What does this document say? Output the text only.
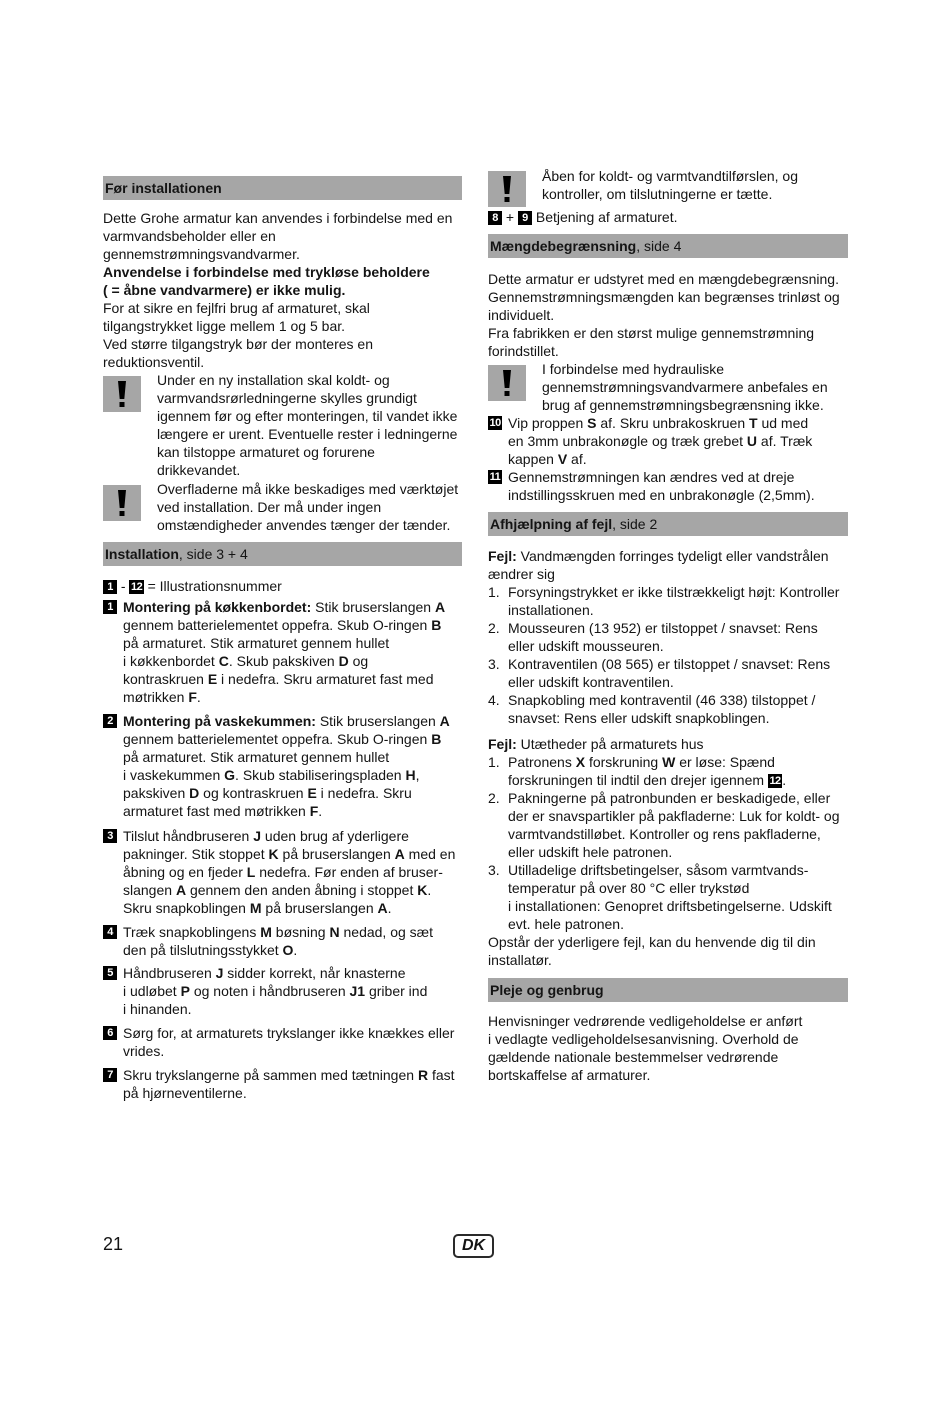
Før installationen
Dette Grohe armatur kan anvendes i forbindelse med en
varmvandsbeholder eller en
gennemstrømningsvandvarmer.
Anvendelse i forbindelse med trykløse beholdere
( = åbne vandvarmere) er ikke mulig.
For at sikre en fejlfri brug af armaturet, skal
tilgangstrykket ligge mellem 1 og 5 bar.
Ved større tilgangstryk bør der monteres en
reduktionsventil.
Under en ny installation skal koldt- og
varmvandsrørledningerne skylles grundigt
igennem før og efter monteringen, til vandet ikke
længere er urent. Eventuelle rester i ledningerne
kan tilstoppe armaturet og forurene
drikkevandet.
Overfladerne må ikke beskadiges med værktøjet
ved installation. Der må under ingen
omstændigheder anvendes tænger der tænder.
Installation, side 3 + 4
1 - 12 = Illustrationsnummer
1 Montering på køkkenbordet: Stik bruserslangen A
gennem batterielementet oppefra. Skub O-ringen B
på armaturet. Stik armaturet gennem hullet
i køkkenbordet C. Skub pakskiven D og
kontraskruen E i nedefra. Skru armaturet fast med
møtrikken F.
2 Montering på vaskekummen: Stik bruserslangen A
gennem batterielementet oppefra. Skub O-ringen B
på armaturet. Stik armaturet gennem hullet
i vaskekummen G. Skub stabiliseringspladen H,
pakskiven D og kontraskruen E i nedefra. Skru
armaturet fast med møtrikken F.
3 Tilslut håndbruseren J uden brug af yderligere
pakninger. Stik stoppet K på bruserslangen A med en
åbning og en fjeder L nedefra. Før enden af bruser-
slangen A gennem den anden åbning i stoppet K.
Skru snapkoblingen M på bruserslangen A.
4 Træk snapkoblingens M bøsning N nedad, og sæt
den på tilslutningsstykket O.
5 Håndbruseren J sidder korrekt, når knasterne
i udløbet P og noten i håndbruseren J1 griber ind
i hinanden.
6 Sørg for, at armaturets trykslanger ikke knækkes eller
vrides.
7 Skru trykslangerne på sammen med tætningen R fast
på hjørneventilerne.
Åben for koldt- og varmtvandtilførslen, og
kontroller, om tilslutningerne er tætte.
8 + 9 Betjening af armaturet.
Mængdebegrænsning, side 4
Dette armatur er udstyret med en mængdebegrænsning.
Gennemstrømningsmængden kan begrænses trinløst og
individuelt.
Fra fabrikken er den størst mulige gennemstrømning
forindstillet.
I forbindelse med hydrauliske
gennemstrømningsvandvarmere anbefales en
brug af gennemstrømningsbegrænsning ikke.
10 Vip proppen S af. Skru unbrakoskruen T ud med
en 3mm unbrakonøgle og træk grebet U af. Træk
kappen V af.
11 Gennemstrømningen kan ændres ved at dreje
indstillingsskruen med en unbrakonøgle (2,5mm).
Afhjælpning af fejl, side 2
Fejl: Vandmængden forringes tydeligt eller vandstrålen
ændrer sig
1. Forsyningstrykket er ikke tilstrækkeligt højt: Kontroller
installationen.
2. Mousseuren (13 952) er tilstoppet / snavset: Rens
eller udskift mousseuren.
3. Kontraventilen (08 565) er tilstoppet / snavset: Rens
eller udskift kontraventilen.
4. Snapkobling med kontraventil (46 338) tilstoppet /
snavset: Rens eller udskift snapkoblingen.
Fejl: Utætheder på armaturets hus
1. Patronens X forskruning W er løse: Spænd
forskruningen til indtil den drejer igennem 12 .
2. Pakningerne på patronbunden er beskadigede, eller
der er snavspartikler på pakfladerne: Luk for koldt- og
varmtvandstilløbet. Kontroller og rens pakfladerne,
eller udskift hele patronen.
3. Utilladelige driftsbetingelser, såsom varmtvands-
temperatur på over 80 °C eller trykstød
i installationen: Genopret driftsbetingelserne. Udskift
evt. hele patronen.
Opstår der yderligere fejl, kan du henvende dig til din
installatør.
Pleje og genbrug
Henvisninger vedrørende vedligeholdelse er anført
i vedlagte vedligeholdelsesanvisning. Overhold de
gældende nationale bestemmelser vedrørende
bortskaffelse af armaturer.
21	DK
